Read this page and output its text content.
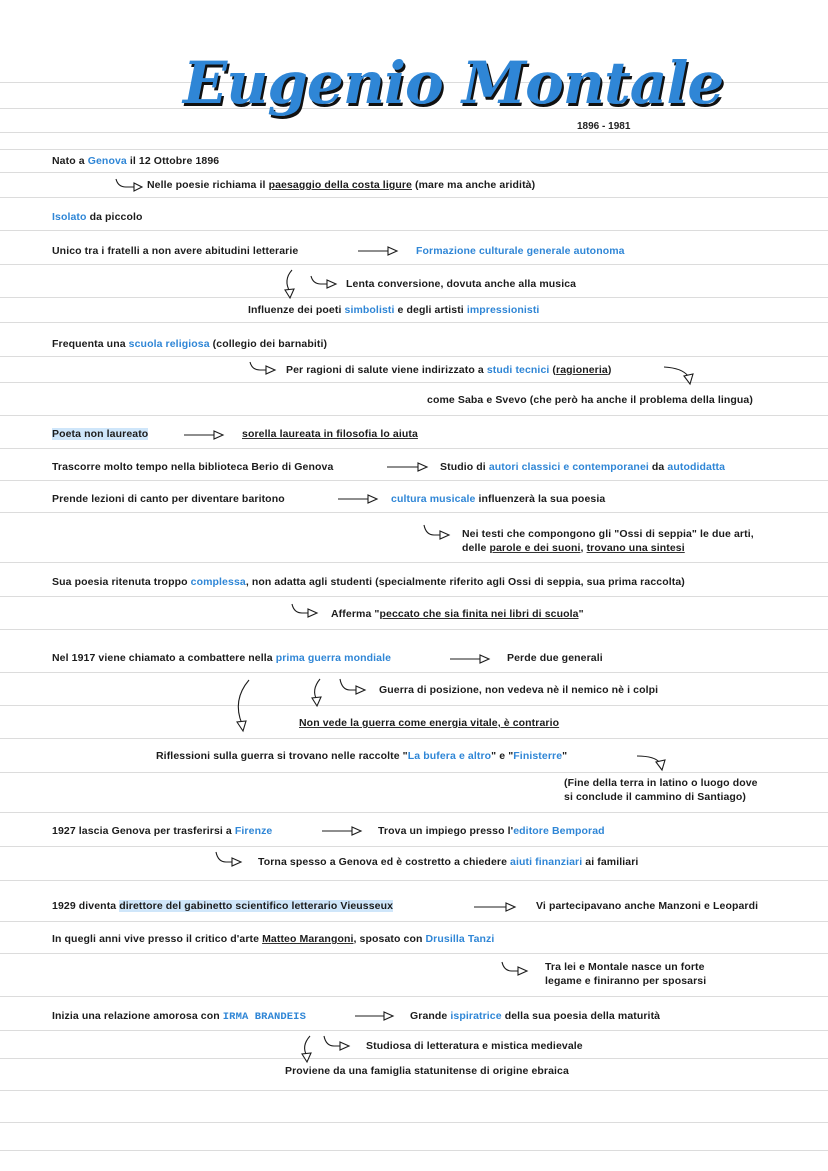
Eugenio Montale
1896 - 1981
Nato a Genova il 12 Ottobre 1896
Nelle poesie richiama il paesaggio della costa ligure (mare ma anche aridità)
Isolato da piccolo
Unico tra i fratelli a non avere abitudini letterarie	Formazione culturale generale autonoma
Lenta conversione, dovuta anche alla musica
Influenze dei poeti simbolisti e degli artisti impressionisti
Frequenta una scuola religiosa (collegio dei barnabiti)
Per ragioni di salute viene indirizzato a studi tecnici (ragioneria)
come Saba e Svevo (che però ha anche il problema della lingua)
Poeta non laureato	sorella laureata in filosofia lo aiuta
Trascorre molto tempo nella biblioteca Berio di Genova	Studio di autori classici e contemporanei da autodidatta
Prende lezioni di canto per diventare baritono	cultura musicale influenzerà la sua poesia
Nei testi che compongono gli "Ossi di seppia" le due arti,
delle parole e dei suoni, trovano una sintesi
Sua poesia ritenuta troppo complessa, non adatta agli studenti (specialmente riferito agli Ossi di seppia, sua prima raccolta)
Afferma "peccato che sia finita nei libri di scuola"
Nel 1917 viene chiamato a combattere nella prima guerra mondiale	Perde due generali
Guerra di posizione, non vedeva nè il nemico nè i colpi
Non vede la guerra come energia vitale, è contrario
Riflessioni sulla guerra si trovano nelle raccolte "La bufera e altro" e "Finisterre"
(Fine della terra in latino o luogo dove
si conclude il cammino di Santiago)
1927 lascia Genova per trasferirsi a Firenze	Trova un impiego presso l'editore Bemporad
Torna spesso a Genova ed è costretto a chiedere aiuti finanziari ai familiari
1929 diventa direttore del gabinetto scientifico letterario Vieusseux	Vi partecipavano anche Manzoni e Leopardi
In quegli anni vive presso il critico d'arte Matteo Marangoni, sposato con Drusilla Tanzi
Tra lei e Montale nasce un forte
legame e finiranno per sposarsi
Inizia una relazione amorosa con IRMA BRANDEIS	Grande ispiratrice della sua poesia della maturità
Studiosa di letteratura e mistica medievale
Proviene da una famiglia statunitense di origine ebraica
